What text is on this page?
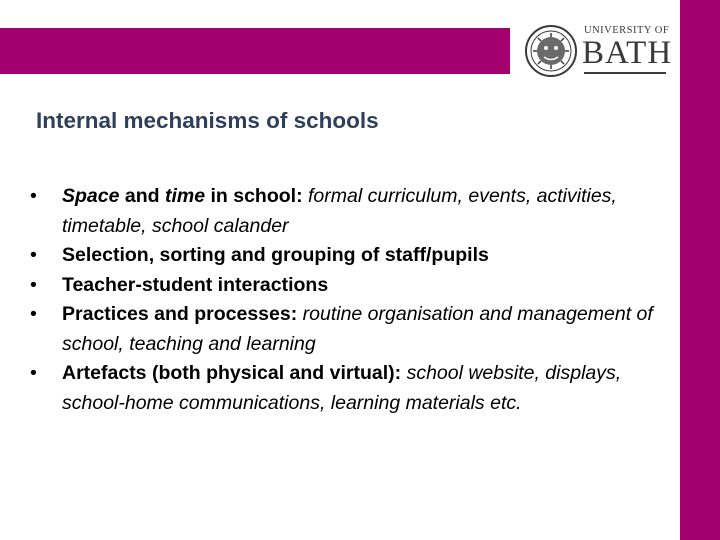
UNIVERSITY OF
BATH
Internal mechanisms of schools
• Space and time in school: formal curriculum, events, activities, timetable, school calander
• Selection, sorting and grouping of staff/pupils
• Teacher-student interactions
• Practices and processes: routine organisation and management of school, teaching and learning
• Artefacts (both physical and virtual): school website, displays, school-home communications, learning materials etc.
